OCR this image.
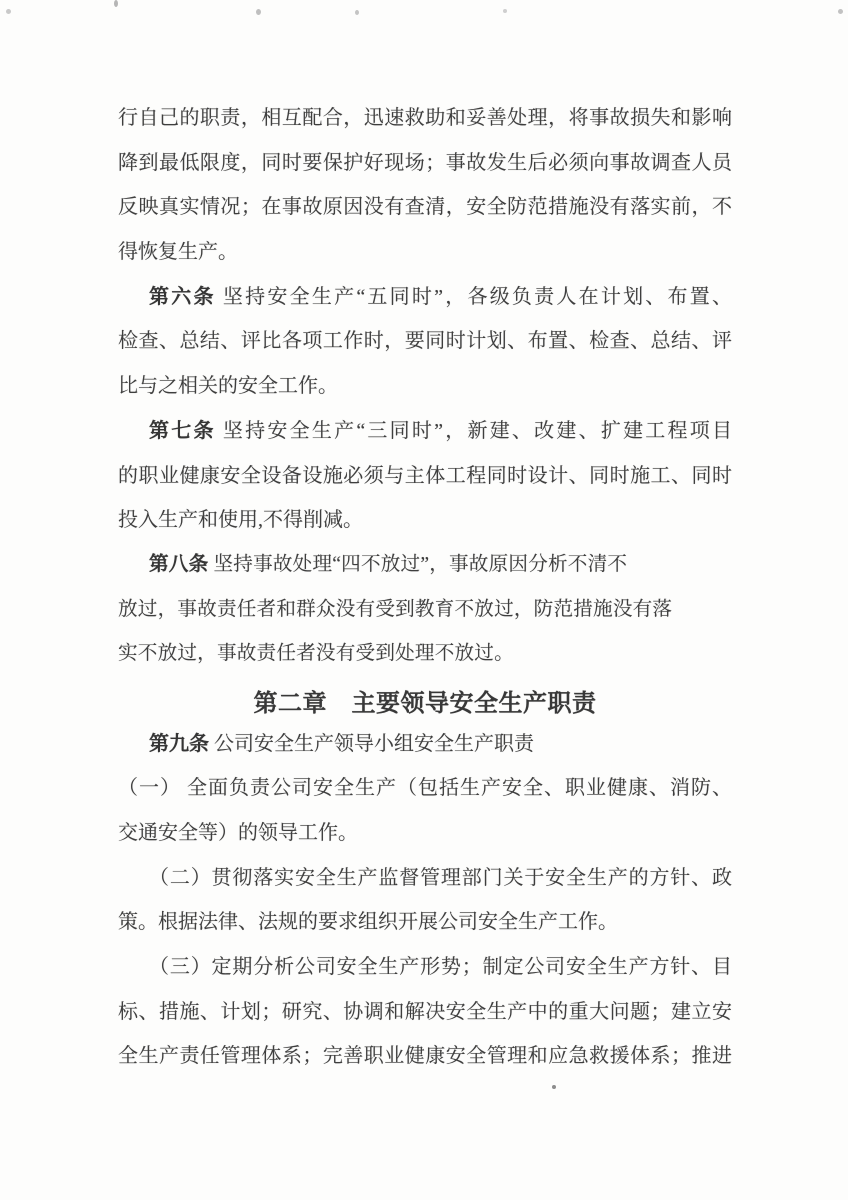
行自己的职责，相互配合，迅速救助和妥善处理，将事故损失和影响
降到最低限度，同时要保护好现场；事故发生后必须向事故调查人员
反映真实情况；在事故原因没有查清，安全防范措施没有落实前，不
得恢复生产。
第六条 坚持安全生产“五同时”，各级负责人在计划、布置、
检查、总结、评比各项工作时，要同时计划、布置、检查、总结、评
比与之相关的安全工作。
第七条 坚持安全生产“三同时”，新建、改建、扩建工程项目
的职业健康安全设备设施必须与主体工程同时设计、同时施工、同时
投入生产和使用,不得削减。
第八条 坚持事故处理“四不放过”，事故原因分析不清不
放过，事故责任者和群众没有受到教育不放过，防范措施没有落
实不放过，事故责任者没有受到处理不放过。
第二章　主要领导安全生产职责
第九条 公司安全生产领导小组安全生产职责
（一） 全面负责公司安全生产（包括生产安全、职业健康、消防、
交通安全等）的领导工作。
（二）贯彻落实安全生产监督管理部门关于安全生产的方针、政
策。根据法律、法规的要求组织开展公司安全生产工作。
（三）定期分析公司安全生产形势；制定公司安全生产方针、目
标、措施、计划；研究、协调和解决安全生产中的重大问题；建立安
全生产责任管理体系；完善职业健康安全管理和应急救援体系；推进
